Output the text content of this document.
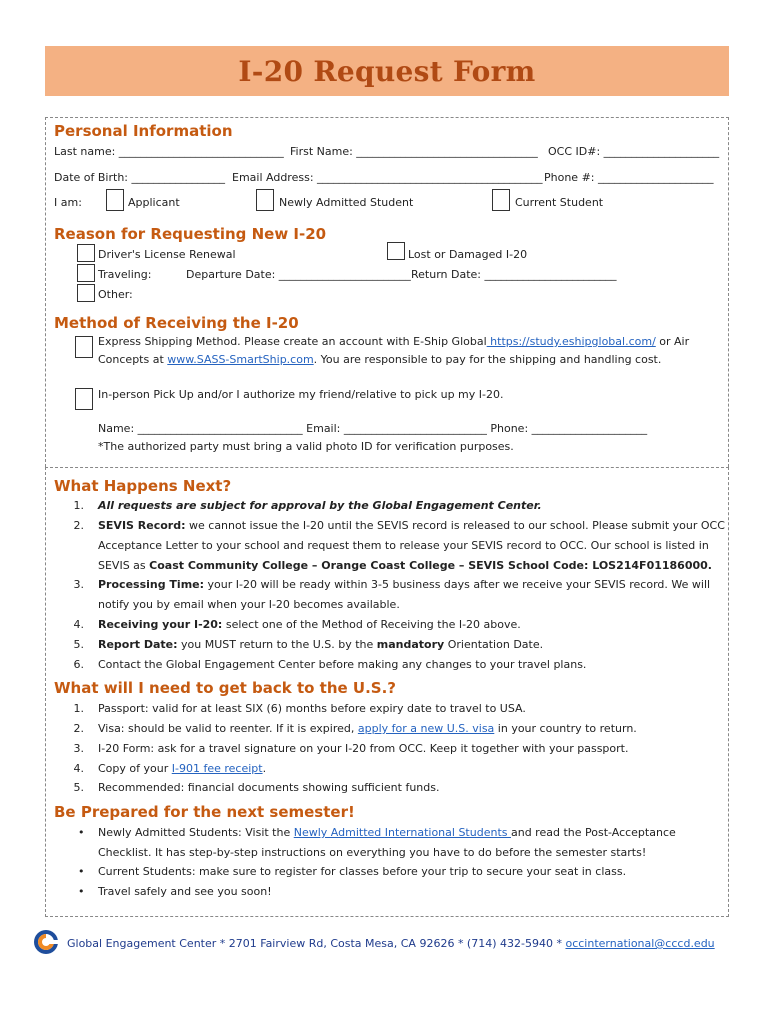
I-20 Request Form
Personal Information
Last name: ______________________________ First Name: _________________________________ OCC ID#: _____________________
Date of Birth: _________________ Email Address: _________________________________________ Phone #: _____________________
I am:	Applicant	Newly Admitted Student	Current Student
Reason for Requesting New I-20
Driver's License Renewal	Lost or Damaged I-20
Traveling:	Departure Date: ________________________ Return Date: ________________________
Other:
Method of Receiving the I-20
Express Shipping Method. Please create an account with E-Ship Global https://study.eshipglobal.com/ or Air
Concepts at www.SASS-SmartShip.com. You are responsible to pay for the shipping and handling cost.
In-person Pick Up and/or I authorize my friend/relative to pick up my I-20.
Name: ______________________________ Email: __________________________ Phone: _____________________
*The authorized party must bring a valid photo ID for verification purposes.
What Happens Next?
1. All requests are subject for approval by the Global Engagement Center.
2. SEVIS Record: we cannot issue the I-20 until the SEVIS record is released to our school. Please submit your OCC
Acceptance Letter to your school and request them to release your SEVIS record to OCC. Our school is listed in
SEVIS as Coast Community College – Orange Coast College – SEVIS School Code: LOS214F01186000.
3. Processing Time: your I-20 will be ready within 3-5 business days after we receive your SEVIS record. We will
notify you by email when your I-20 becomes available.
4. Receiving your I-20: select one of the Method of Receiving the I-20 above.
5. Report Date: you MUST return to the U.S. by the mandatory Orientation Date.
6. Contact the Global Engagement Center before making any changes to your travel plans.
What will I need to get back to the U.S.?
1. Passport: valid for at least SIX (6) months before expiry date to travel to USA.
2. Visa: should be valid to reenter. If it is expired, apply for a new U.S. visa in your country to return.
3. I-20 Form: ask for a travel signature on your I-20 from OCC. Keep it together with your passport.
4. Copy of your I-901 fee receipt.
5. Recommended: financial documents showing sufficient funds.
Be Prepared for the next semester!
• Newly Admitted Students: Visit the Newly Admitted International Students and read the Post-Acceptance
Checklist. It has step-by-step instructions on everything you have to do before the semester starts!
• Current Students: make sure to register for classes before your trip to secure your seat in class.
• Travel safely and see you soon!
Global Engagement Center * 2701 Fairview Rd, Costa Mesa, CA 92626 * (714) 432-5940 * occinternational@cccd.edu
